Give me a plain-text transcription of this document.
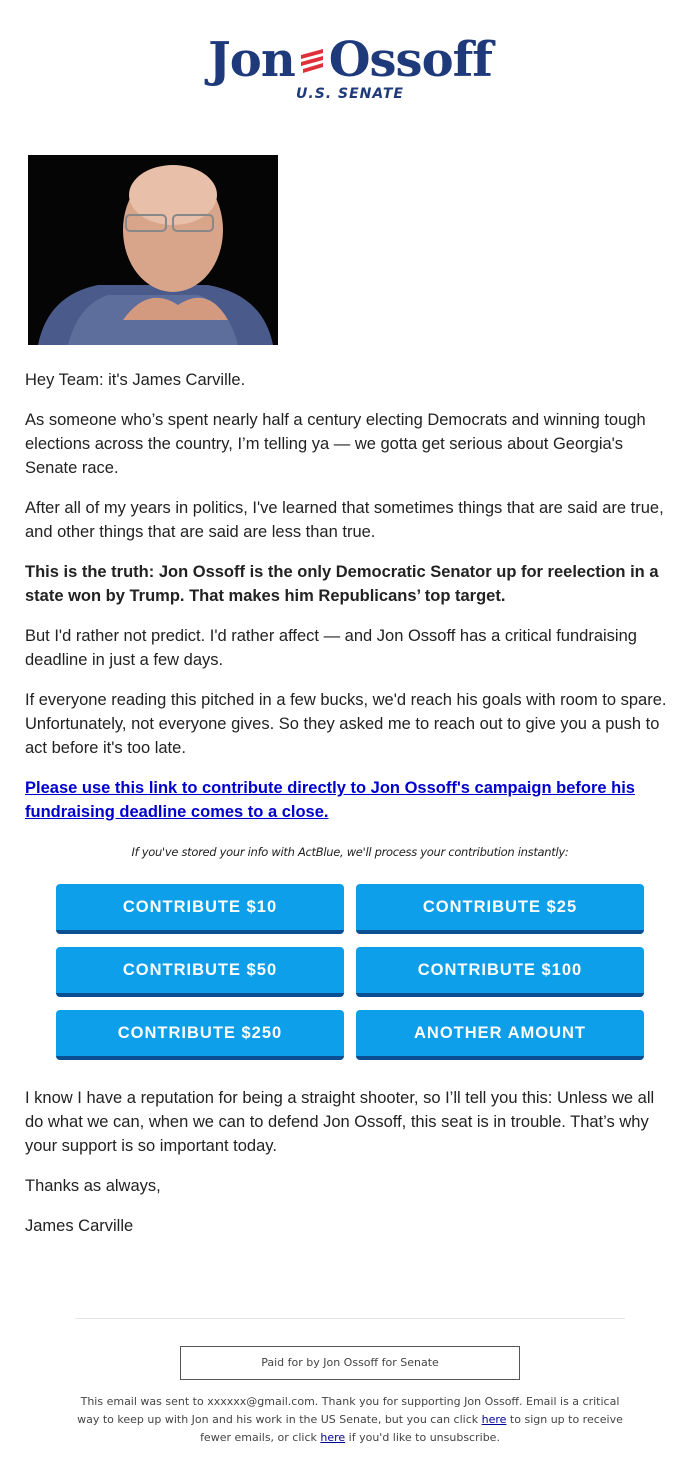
Jon Ossoff
U.S. SENATE

Hey Team: it's James Carville.

As someone who’s spent nearly half a century electing Democrats and winning tough elections across the country, I’m telling ya — we gotta get serious about Georgia's Senate race.

After all of my years in politics, I've learned that sometimes things that are said are true, and other things that are said are less than true.

This is the truth: Jon Ossoff is the only Democratic Senator up for reelection in a state won by Trump. That makes him Republicans’ top target.

But I'd rather not predict. I'd rather affect — and Jon Ossoff has a critical fundraising deadline in just a few days.

If everyone reading this pitched in a few bucks, we'd reach his goals with room to spare. Unfortunately, not everyone gives. So they asked me to reach out to give you a push to act before it's too late.

Please use this link to contribute directly to Jon Ossoff's campaign before his fundraising deadline comes to a close.

If you've stored your info with ActBlue, we'll process your contribution instantly:
CONTRIBUTE $10	CONTRIBUTE $25
CONTRIBUTE $50	CONTRIBUTE $100
CONTRIBUTE $250	ANOTHER AMOUNT

I know I have a reputation for being a straight shooter, so I’ll tell you this: Unless we all do what we can, when we can to defend Jon Ossoff, this seat is in trouble. That’s why your support is so important today.

Thanks as always,

James Carville

Paid for by Jon Ossoff for Senate
This email was sent to xxxxxx@gmail.com. Thank you for supporting Jon Ossoff. Email is a critical way to keep up with Jon and his work in the US Senate, but you can click here to sign up to receive fewer emails, or click here if you'd like to unsubscribe.
